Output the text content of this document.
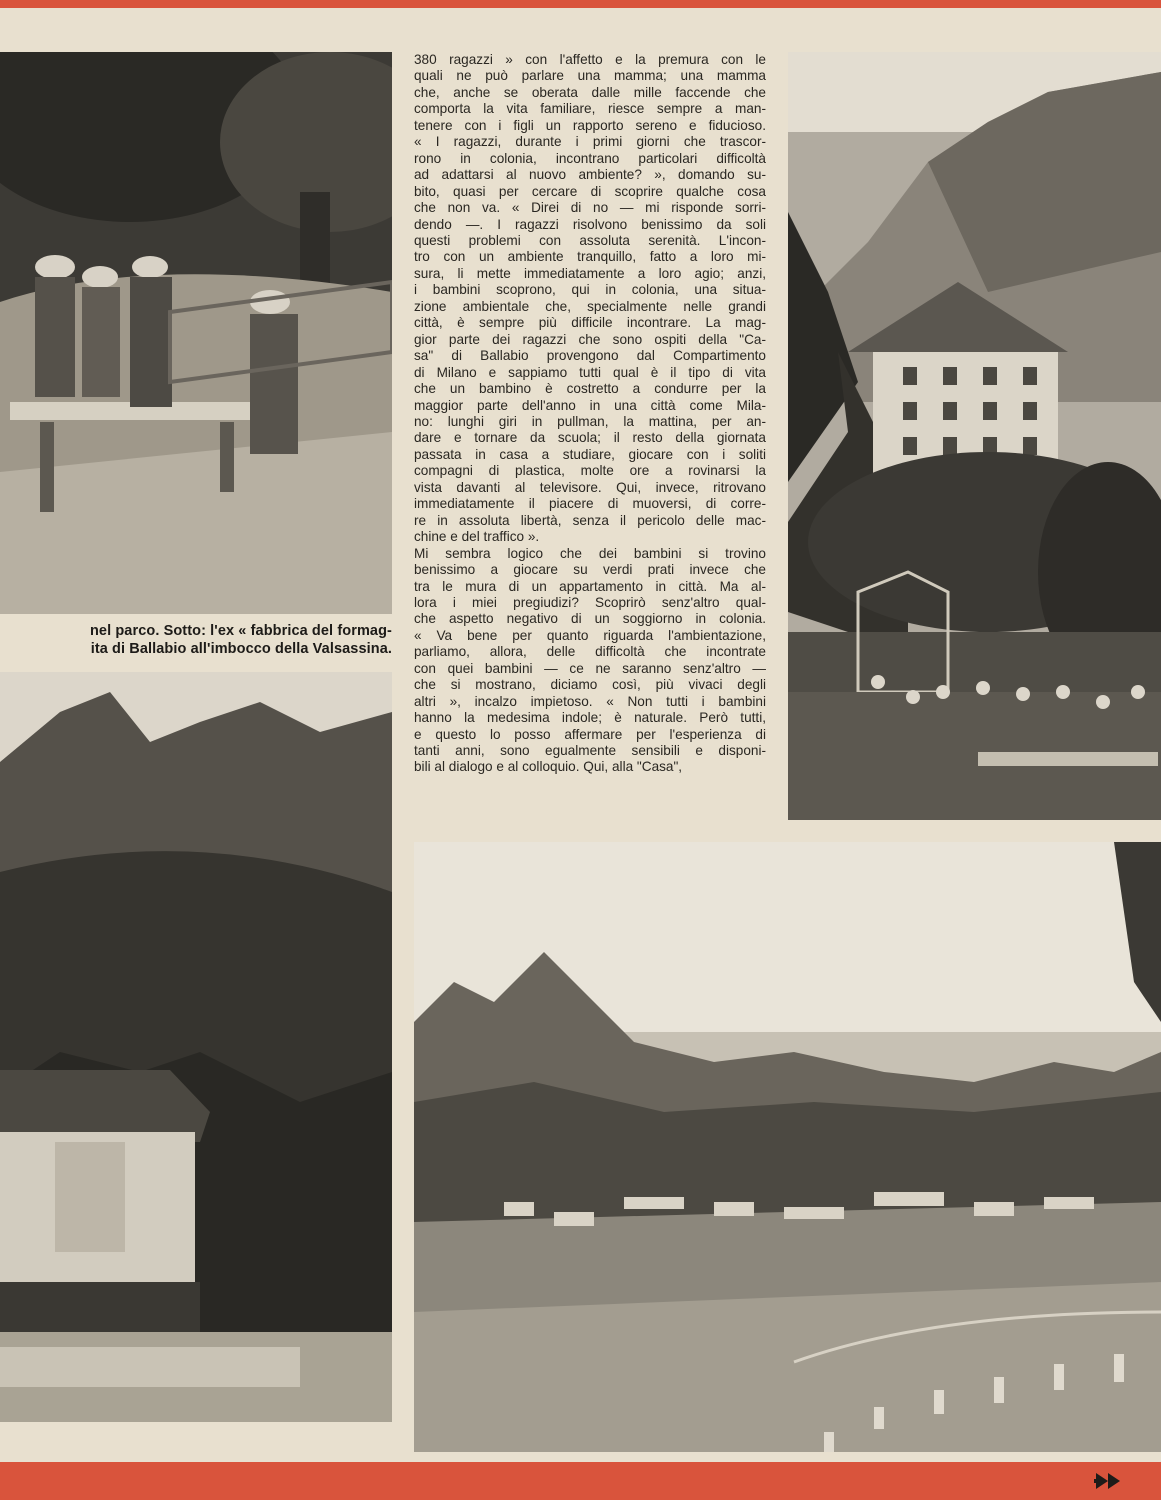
nel parco. Sotto: l'ex « fabbrica del formag-
ita di Ballabio all'imbocco della Valsassina.

380 ragazzi » con l'affetto e la premura con le

quali ne può parlare una mamma; una mamma

che, anche se oberata dalle mille faccende che

comporta la vita familiare, riesce sempre a man-

tenere con i figli un rapporto sereno e fiducioso.

« I ragazzi, durante i primi giorni che trascor-

rono in colonia, incontrano particolari difficoltà

ad adattarsi al nuovo ambiente? », domando su-

bito, quasi per cercare di scoprire qualche cosa

che non va. « Direi di no — mi risponde sorri-

dendo —. I ragazzi risolvono benissimo da soli

questi problemi con assoluta serenità. L'incon-

tro con un ambiente tranquillo, fatto a loro mi-

sura, li mette immediatamente a loro agio; anzi,

i bambini scoprono, qui in colonia, una situa-

zione ambientale che, specialmente nelle grandi

città, è sempre più difficile incontrare. La mag-

gior parte dei ragazzi che sono ospiti della "Ca-

sa" di Ballabio provengono dal Compartimento

di Milano e sappiamo tutti qual è il tipo di vita

che un bambino è costretto a condurre per la

maggior parte dell'anno in una città come Mila-

no: lunghi giri in pullman, la mattina, per an-

dare e tornare da scuola; il resto della giornata

passata in casa a studiare, giocare con i soliti

compagni di plastica, molte ore a rovinarsi la

vista davanti al televisore. Qui, invece, ritrovano

immediatamente il piacere di muoversi, di corre-

re in assoluta libertà, senza il pericolo delle mac-

chine e del traffico ».

Mi sembra logico che dei bambini si trovino

benissimo a giocare su verdi prati invece che

tra le mura di un appartamento in città. Ma al-

lora i miei pregiudizi? Scoprirò senz'altro qual-

che aspetto negativo di un soggiorno in colonia.

« Va bene per quanto riguarda l'ambientazione,

parliamo, allora, delle difficoltà che incontrate

con quei bambini — ce ne saranno senz'altro —

che si mostrano, diciamo così, più vivaci degli

altri », incalzo impietoso. « Non tutti i bambini

hanno la medesima indole; è naturale. Però tutti,

e questo lo posso affermare per l'esperienza di

tanti anni, sono egualmente sensibili e disponi-

bili al dialogo e al colloquio. Qui, alla "Casa",
